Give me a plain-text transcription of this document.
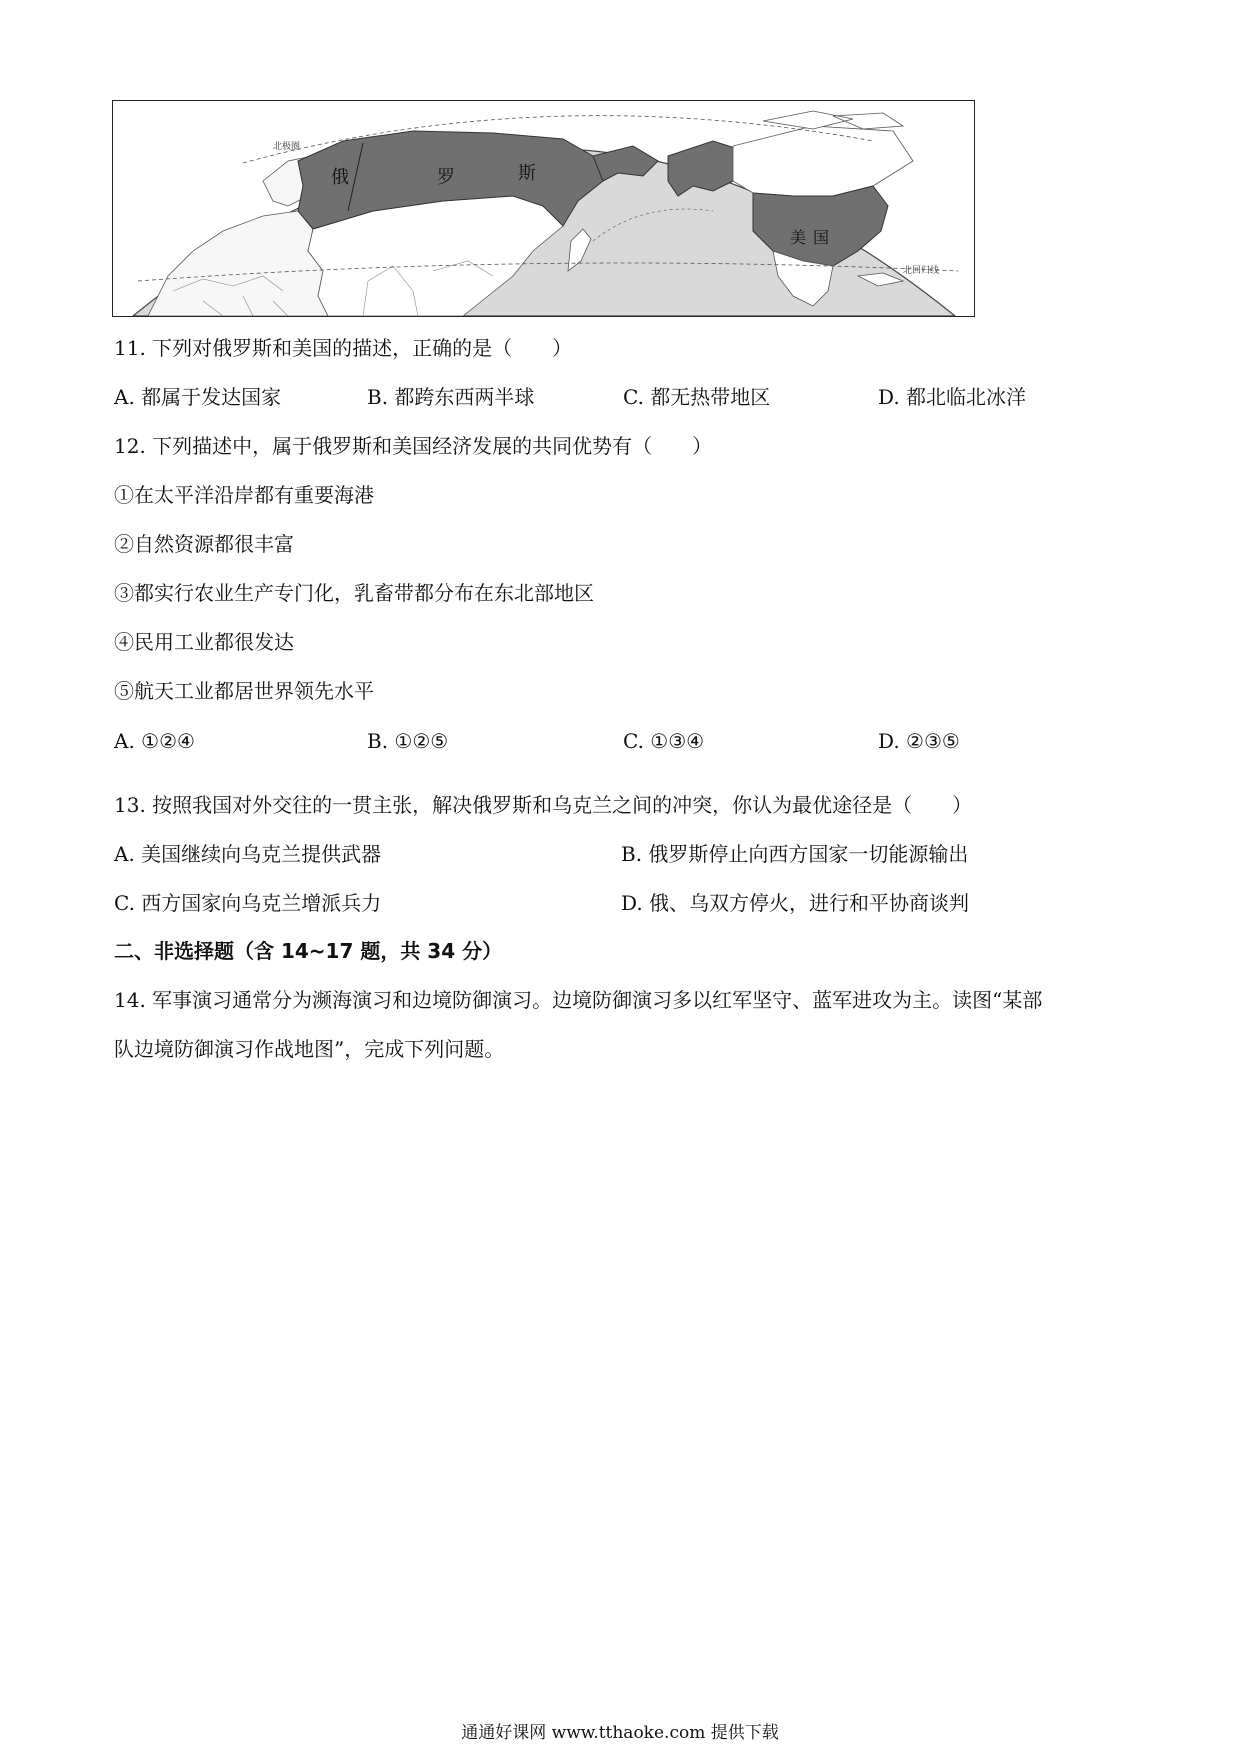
俄	罗	斯
美 国
北极圈
北回归线
11. 下列对俄罗斯和美国的描述，正确的是（　　）
A. 都属于发达国家	B. 都跨东西两半球	C. 都无热带地区	D. 都北临北冰洋
12. 下列描述中，属于俄罗斯和美国经济发展的共同优势有（　　）
①在太平洋沿岸都有重要海港
②自然资源都很丰富
③都实行农业生产专门化，乳畜带都分布在东北部地区
④民用工业都很发达
⑤航天工业都居世界领先水平
A. ①②④	B. ①②⑤	C. ①③④	D. ②③⑤
13. 按照我国对外交往的一贯主张，解决俄罗斯和乌克兰之间的冲突，你认为最优途径是（　　）
A. 美国继续向乌克兰提供武器	B. 俄罗斯停止向西方国家一切能源输出
C. 西方国家向乌克兰增派兵力	D. 俄、乌双方停火，进行和平协商谈判
二、非选择题（含 14~17 题，共 34 分）
14. 军事演习通常分为濒海演习和边境防御演习。边境防御演习多以红军坚守、蓝军进攻为主。读图“某部
队边境防御演习作战地图”，完成下列问题。
通通好课网 www.tthaoke.com 提供下载
